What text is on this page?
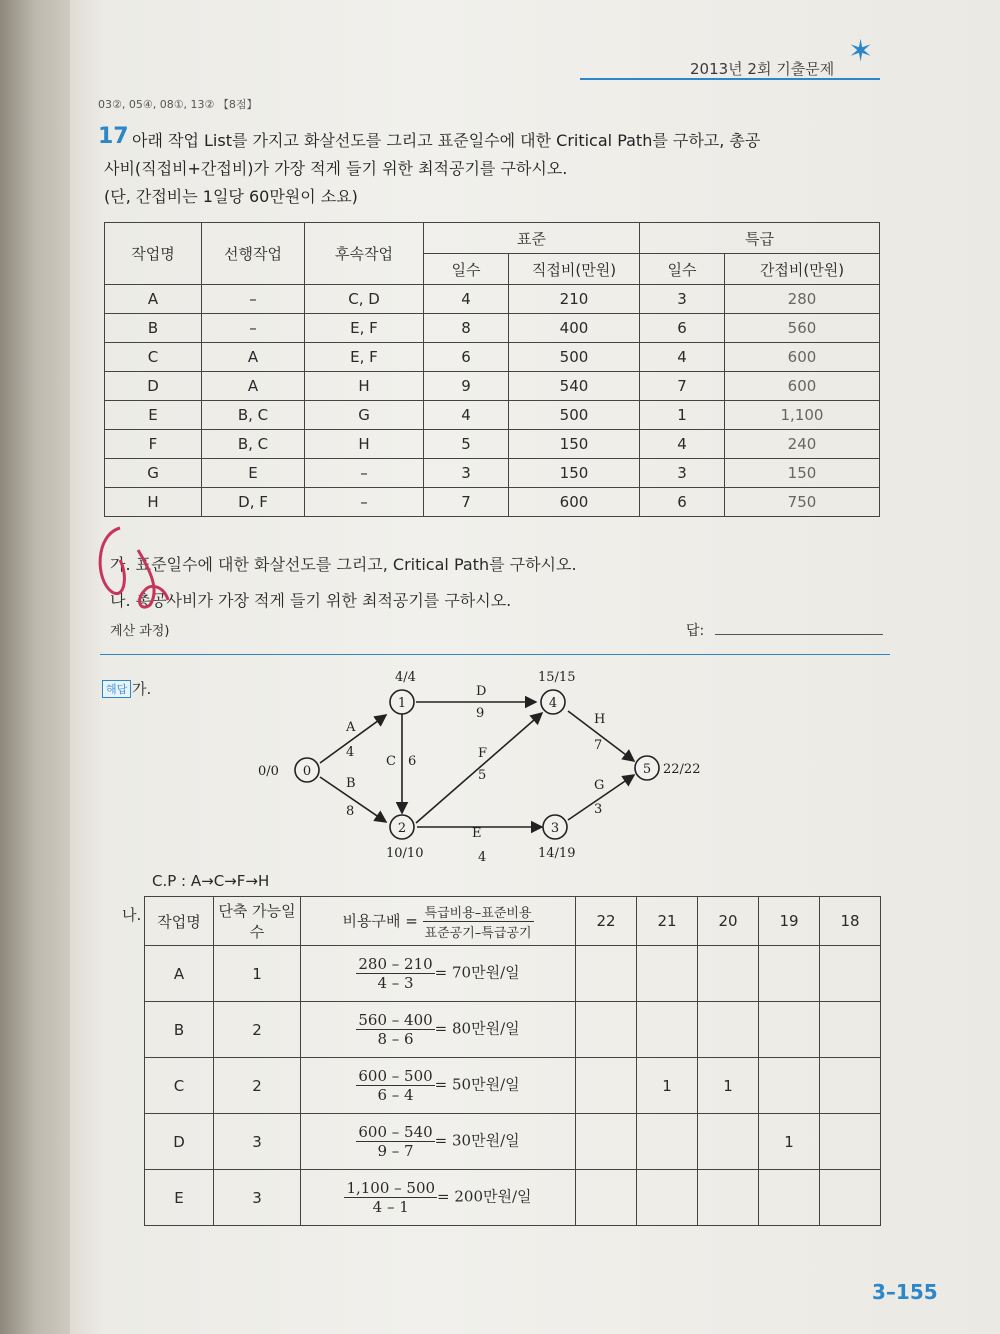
✶
2013년 2회 기출문제
03②, 05④, 08①, 13② 【8점】
17 아래 작업 List를 가지고 화살선도를 그리고 표준일수에 대한 Critical Path를 구하고, 총공
사비(직접비+간접비)가 가장 적게 들기 위한 최적공기를 구하시오.
(단, 간접비는 1일당 60만원이 소요)
작업명	선행작업	후속작업	표준		특급	
			일수	직접비(만원)	일수	간접비(만원)
A	–	C, D	4	210	3	280
B	–	E, F	8	400	6	560
C	A	E, F	6	500	4	600
D	A	H	9	540	7	600
E	B, C	G	4	500	1	1,100
F	B, C	H	5	150	4	240
G	E	–	3	150	3	150
H	D, F	–	7	600	6	750
가. 표준일수에 대한 화살선도를 그리고, Critical Path를 구하시오.
나. 총공사비가 가장 적게 들기 위한 최적공기를 구하시오.
계산 과정)	답:
해답 가.
0
1
2	3
4
5
0/0
4/4
10/10	14/19
15/15
22/22
A
4
B
8
C 6
D
9
E
4
F
5
G
3
H
7
C.P : A→C→F→H
나. 작업명	단축 가능일수	비용구배 = $\frac{\text{특급비용–표준비용}}{\text{표준공기–특급공기}}$	22	21	20	19	18
A	1	$\frac{280 - 210}{4 - 3} = 70$만원/일					
B	2	$\frac{560 - 400}{8 - 6} = 80$만원/일					
C	2	$\frac{600 - 500}{6 - 4} = 50$만원/일		1	1		
D	3	$\frac{600 - 540}{9 - 7} = 30$만원/일				1	
E	3	$\frac{1,100 - 500}{4 - 1} = 200$만원/일					
3–155
